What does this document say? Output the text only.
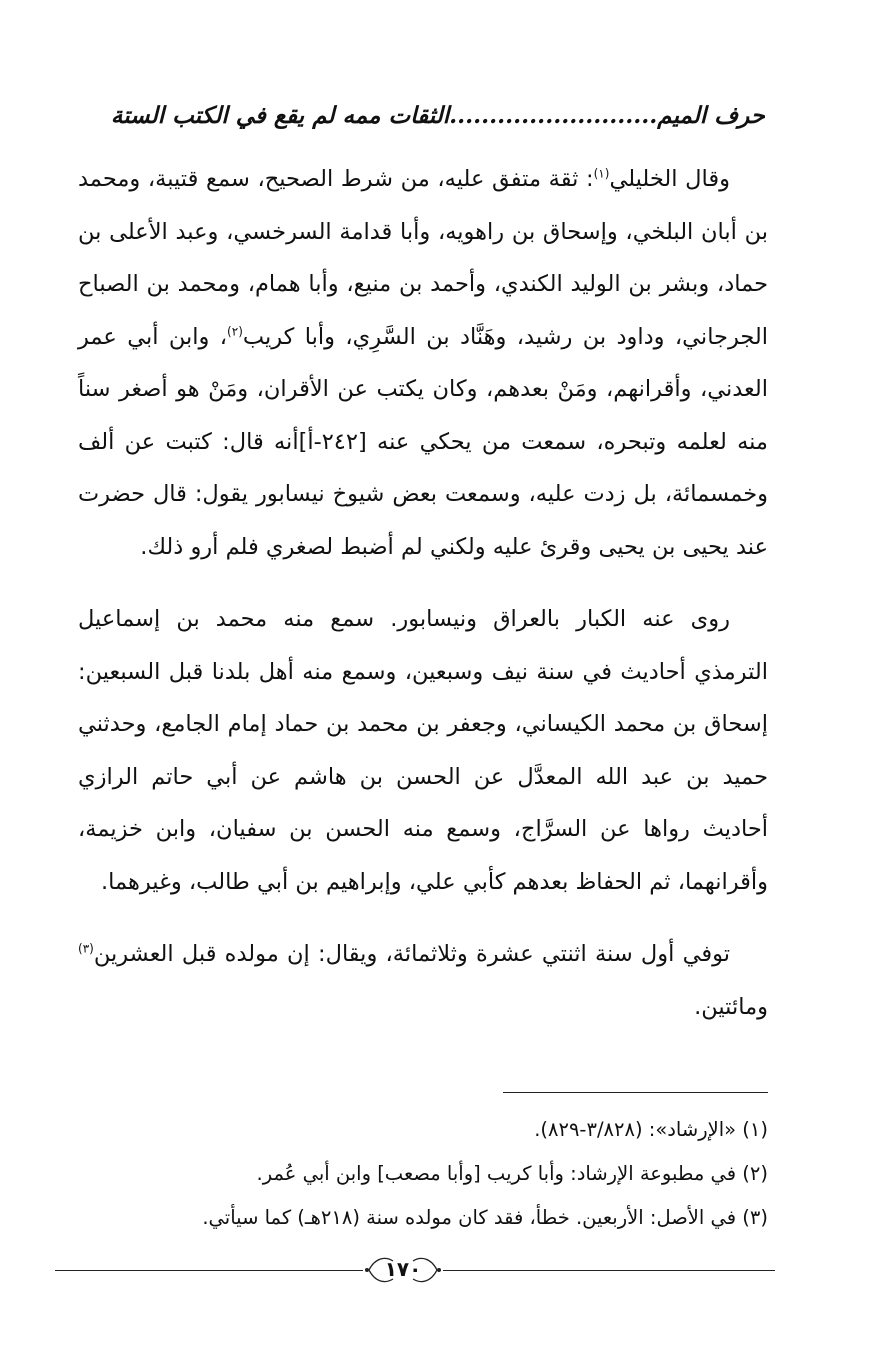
حرف الميم..........................الثقات ممه لم يقع في الكتب الستة

وقال الخليلي$^{(١)}$: ثقة متفق عليه، من شرط الصحيح، سمع قتيبة، ومحمد بن أبان البلخي، وإسحاق بن راهويه، وأبا قدامة السرخسي، وعبد الأعلى بن حماد، وبشر بن الوليد الكندي، وأحمد بن منيع، وأبا همام، ومحمد بن الصباح الجرجاني، وداود بن رشيد، وهَنَّاد بن السَّرِي، وأبا كريب$^{(٢)}$، وابن أبي عمر العدني، وأقرانهم، ومَنْ بعدهم، وكان يكتب عن الأقران، ومَنْ هو أصغر سناً منه لعلمه وتبحره، سمعت من يحكي عنه [٢٤٢-أ]أنه قال: كتبت عن ألف وخمسمائة، بل زدت عليه، وسمعت بعض شيوخ نيسابور يقول: قال حضرت عند يحيى بن يحيى وقرئ عليه ولكني لم أضبط لصغري فلم أرو ذلك.

روى عنه الكبار بالعراق ونيسابور. سمع منه محمد بن إسماعيل الترمذي أحاديث في سنة نيف وسبعين، وسمع منه أهل بلدنا قبل السبعين: إسحاق بن محمد الكيساني، وجعفر بن محمد بن حماد إمام الجامع، وحدثني حميد بن عبد الله المعدَّل عن الحسن بن هاشم عن أبي حاتم الرازي أحاديث رواها عن السرَّاج، وسمع منه الحسن بن سفيان، وابن خزيمة، وأقرانهما، ثم الحفاظ بعدهم كأبي علي، وإبراهيم بن أبي طالب، وغيرهما.

توفي أول سنة اثنتي عشرة وثلاثمائة، ويقال: إن مولده قبل العشرين$^{(٣)}$ ومائتين.

(١) «الإرشاد»: (٣/٨٢٨-٨٢٩).
(٢) في مطبوعة الإرشاد: وأبا كريب [وأبا مصعب] وابن أبي عُمر.
(٣) في الأصل: الأربعين. خطأ، فقد كان مولده سنة (٢١٨هـ) كما سيأتي.
١٧٠
